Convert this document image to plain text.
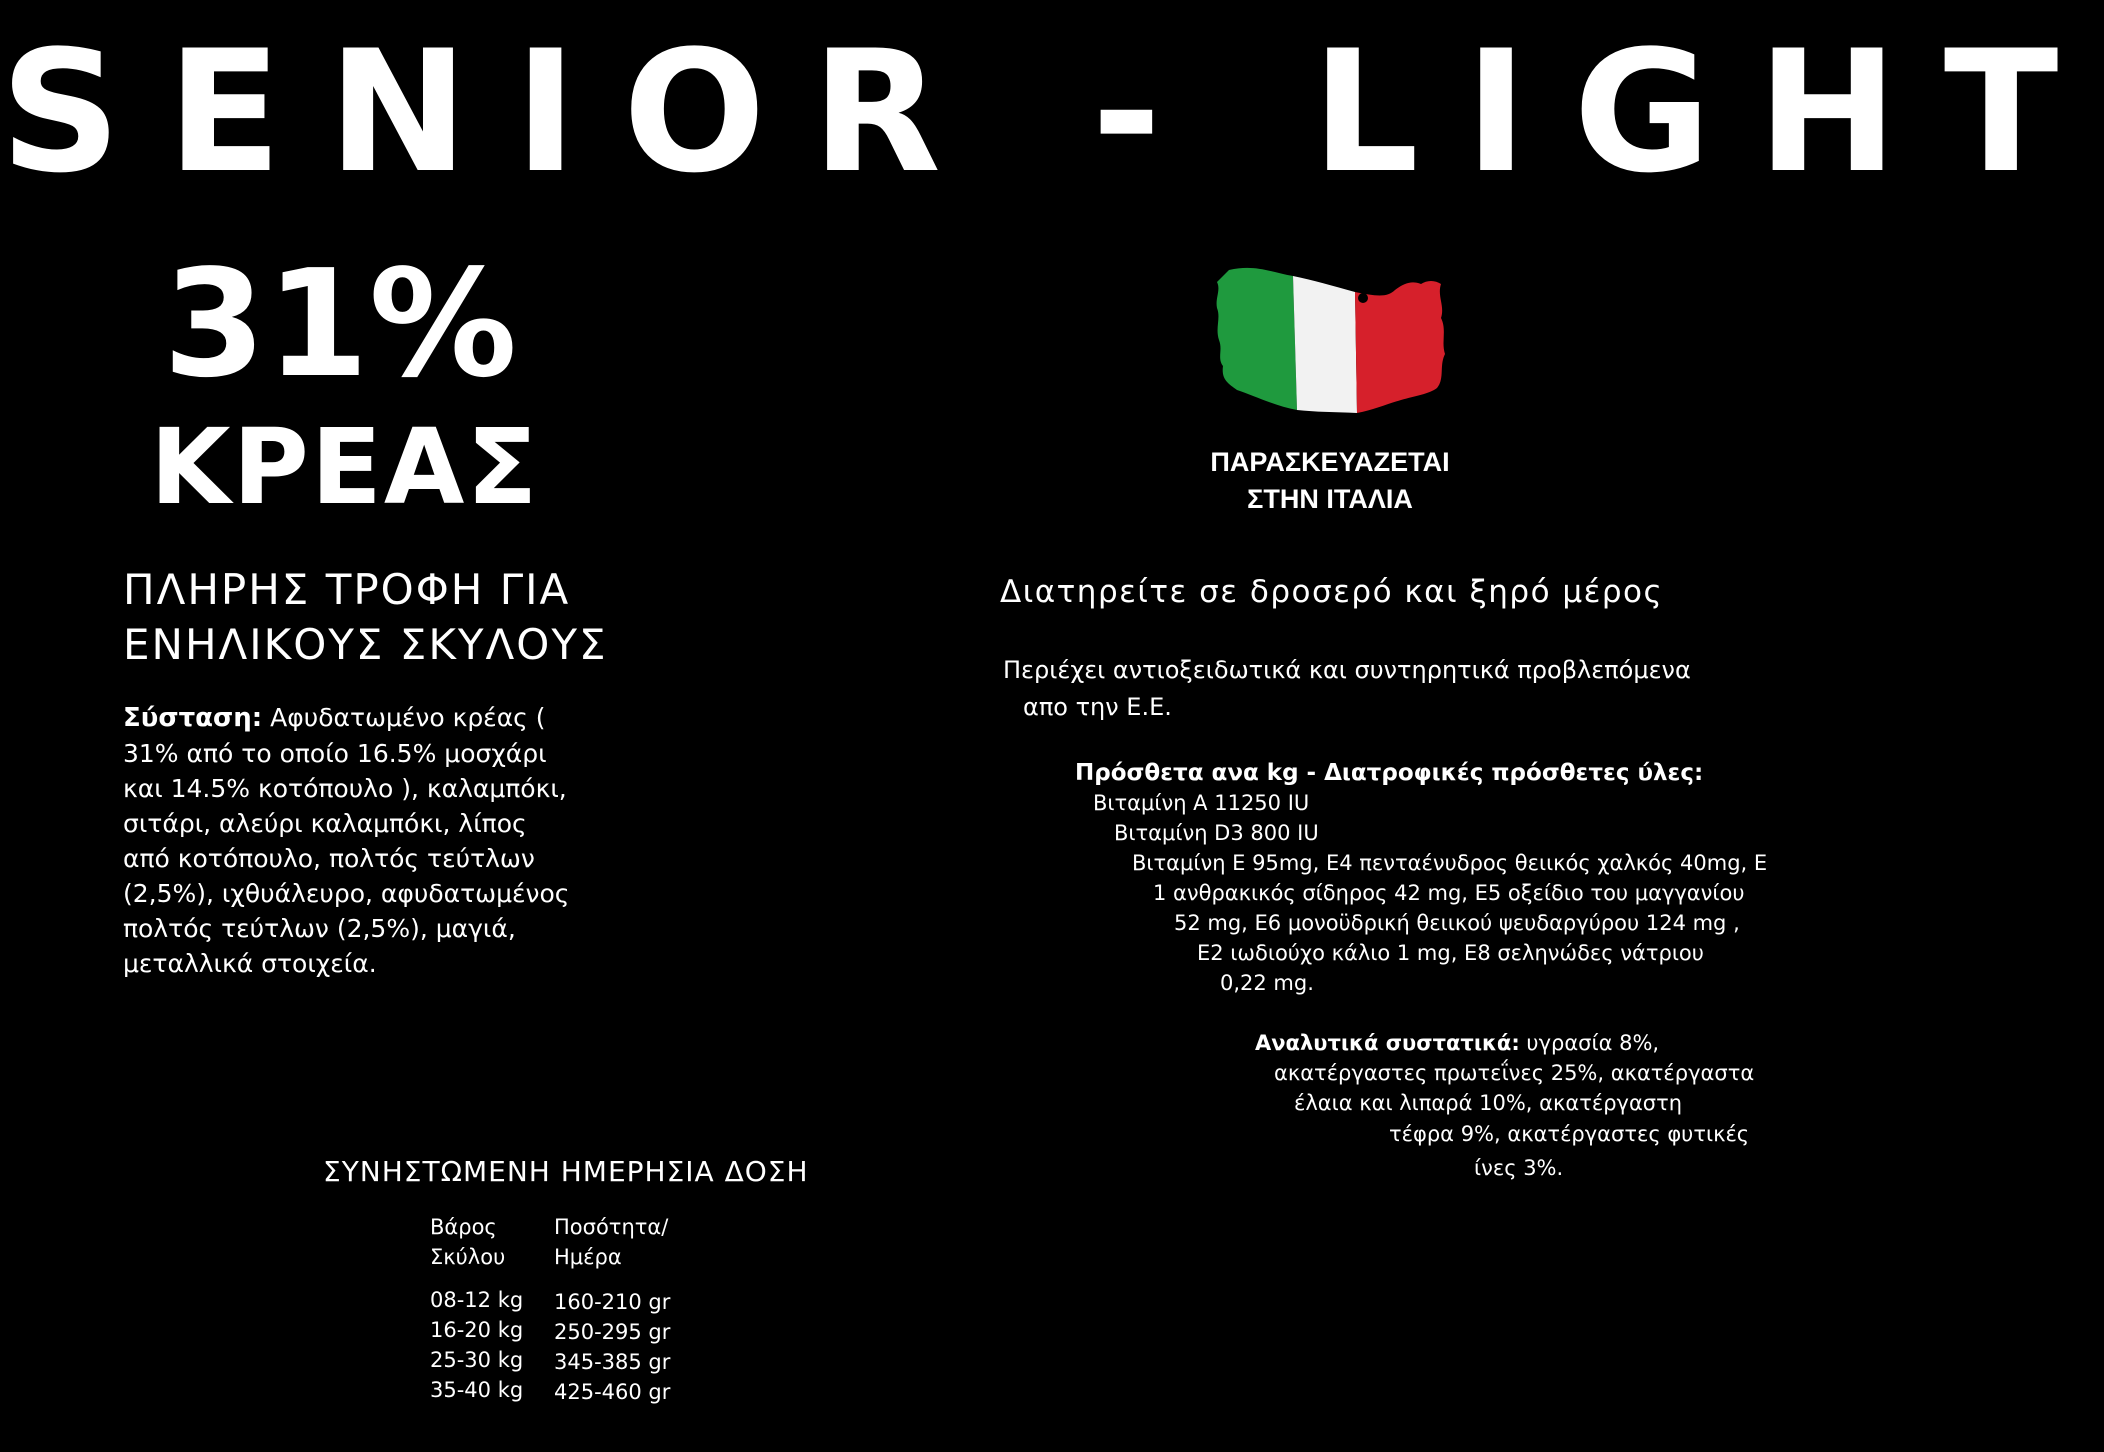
SENIOR - LIGHT
31%
ΚΡΕΑΣ
ΠΛΗΡΗΣ ΤΡΟΦΗ ΓΙΑ
ΕΝΗΛΙΚΟΥΣ ΣΚΥΛΟΥΣ
Σύσταση: Αφυδατωμένο κρέας (
31% από το οποίο 16.5% μοσχάρι
και 14.5% κοτόπουλο ), καλαμπόκι,
σιτάρι, αλεύρι καλαμπόκι, λίπος
από κοτόπουλο, πολτός τεύτλων
(2,5%), ιχθυάλευρο, αφυδατωμένος
πολτός τεύτλων (2,5%), μαγιά,
μεταλλικά στοιχεία.
ΠΑΡΑΣΚΕΥΑΖΕΤΑΙ
ΣΤΗΝ ΙΤΑΛΙΑ
Διατηρείτε σε δροσερό και ξηρό μέρος
Περιέχει αντιοξειδωτικά και συντηρητικά προβλεπόμενα
απο την Ε.Ε.
Πρόσθετα ανα kg - Διατροφικές πρόσθετες ύλες:
Βιταμίνη Α 11250 IU
Βιταμίνη D3 800 IU
Βιταμίνη Ε 95mg, Ε4 πενταένυδρος θειικός χαλκός 40mg, Ε
1 ανθρακικός σίδηρος 42 mg, Ε5 οξείδιο του μαγγανίου
52 mg, Ε6 μονοϋδρική θειικού ψευδαργύρου 124 mg ,
Ε2 ιωδιούχο κάλιο 1 mg, Ε8 σεληνώδες νάτριου
0,22 mg.
Αναλυτικά συστατικά: υγρασία 8%,
ακατέργαστες πρωτεΐνες 25%, ακατέργαστα
έλαια και λιπαρά 10%, ακατέργαστη
τέφρα 9%, ακατέργαστες φυτικές
ίνες 3%.
ΣΥΝΗΣΤΩΜΕΝΗ ΗΜΕΡΗΣΙΑ ΔΟΣΗ
Βάρος
Σκύλου
Ποσότητα/
Ημέρα
08-12 kg 160-210 gr
16-20 kg 250-295 gr
25-30 kg 345-385 gr
35-40 kg 425-460 gr
